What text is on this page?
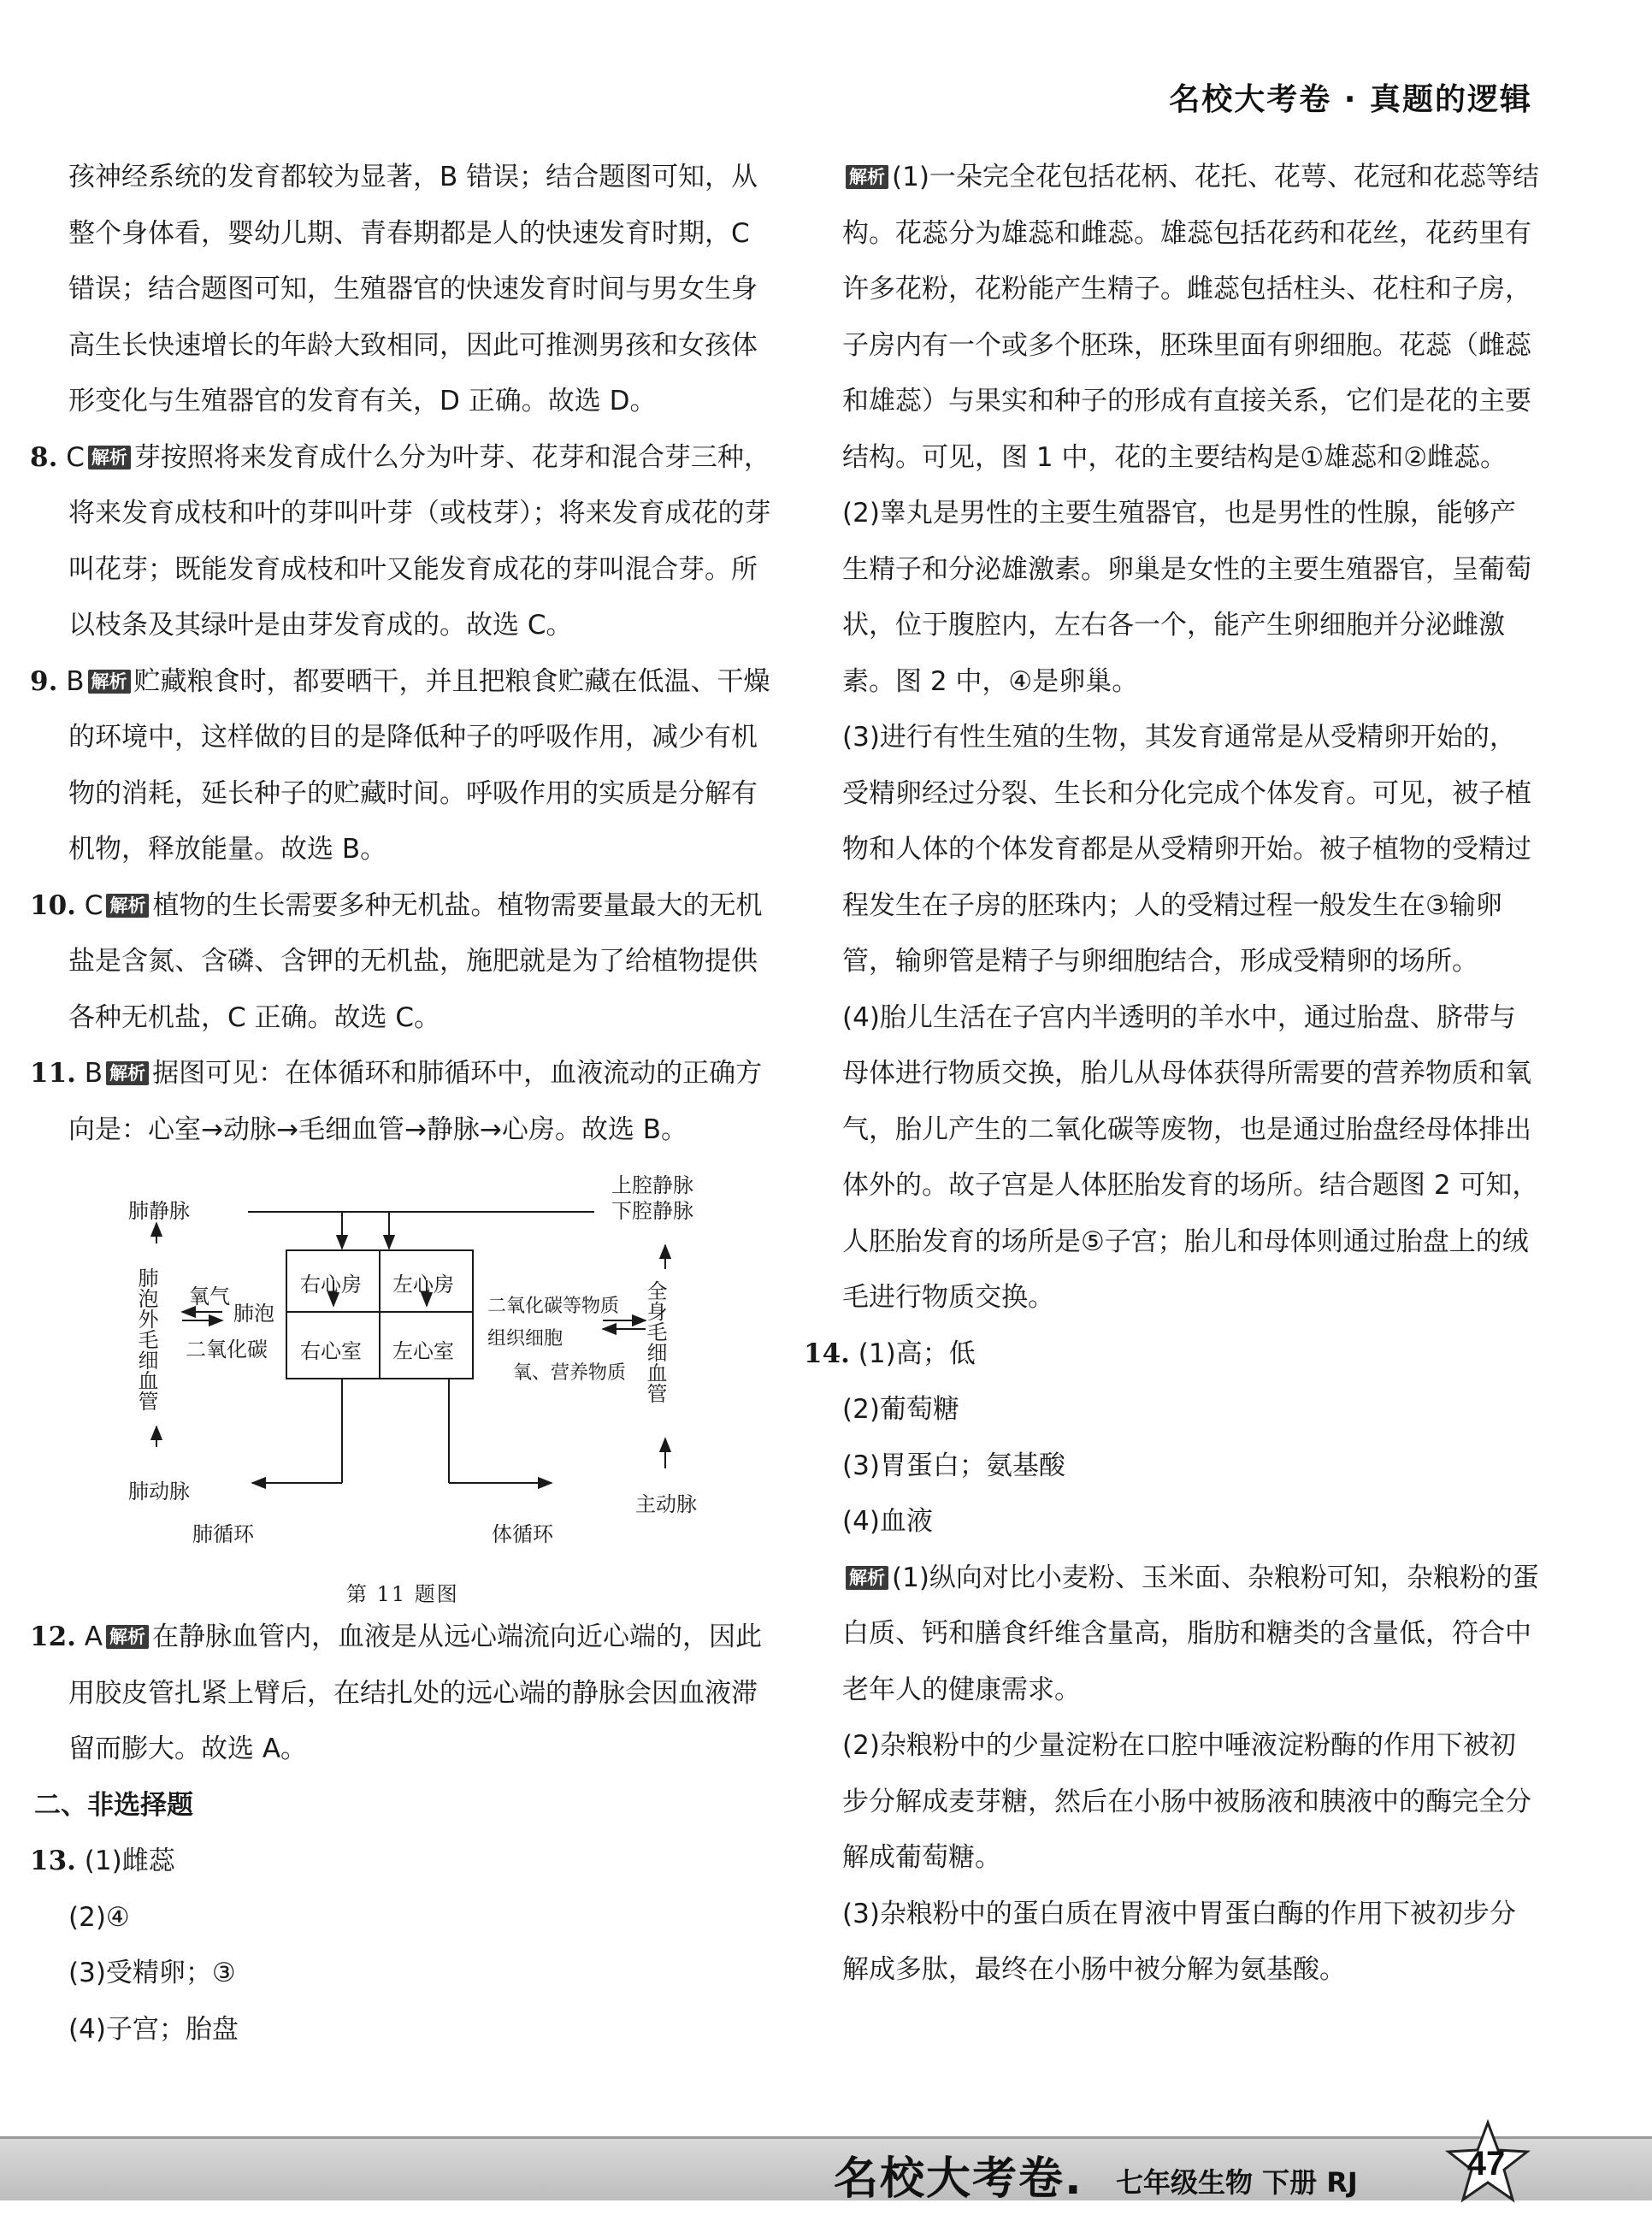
名校大考卷 · 真题的逻辑

孩神经系统的发育都较为显著，B 错误；结合题图可知，从整个身体看，婴幼儿期、青春期都是人的快速发育时期，C 错误；结合题图可知，生殖器官的快速发育时间与男女生身高生长快速增长的年龄大致相同，因此可推测男孩和女孩体形变化与生殖器官的发育有关，D 正确。故选 D。

8. C 解析 芽按照将来发育成什么分为叶芽、花芽和混合芽三种，将来发育成枝和叶的芽叫叶芽（或枝芽）；将来发育成花的芽叫花芽；既能发育成枝和叶又能发育成花的芽叫混合芽。所以枝条及其绿叶是由芽发育成的。故选 C。

9. B 解析 贮藏粮食时，都要晒干，并且把粮食贮藏在低温、干燥的环境中，这样做的目的是降低种子的呼吸作用，减少有机物的消耗，延长种子的贮藏时间。呼吸作用的实质是分解有机物，释放能量。故选 B。

10. C 解析 植物的生长需要多种无机盐。植物需要量最大的无机盐是含氮、含磷、含钾的无机盐，施肥就是为了给植物提供各种无机盐，C 正确。故选 C。

11. B 解析 据图可见：在体循环和肺循环中，血液流动的正确方向是：心室→动脉→毛细血管→静脉→心房。故选 B。

肺静脉
肺动脉
上腔静脉
下腔静脉
主动脉
右心房 左心房
右心室 左心室
氧气
肺泡
二氧化碳
二氧化碳等物质
组织细胞
氧、营养物质
肺循环	体循环
肺泡外毛细血管	全身毛细血管
第 11 题图

12. A 解析 在静脉血管内，血液是从远心端流向近心端的，因此用胶皮管扎紧上臂后，在结扎处的远心端的静脉会因血液滞留而膨大。故选 A。

二、非选择题

13. (1)雌蕊

(2)④

(3)受精卵；③

(4)子宫；胎盘

解析 (1)一朵完全花包括花柄、花托、花萼、花冠和花蕊等结构。花蕊分为雄蕊和雌蕊。雄蕊包括花药和花丝，花药里有许多花粉，花粉能产生精子。雌蕊包括柱头、花柱和子房，子房内有一个或多个胚珠，胚珠里面有卵细胞。花蕊（雌蕊和雄蕊）与果实和种子的形成有直接关系，它们是花的主要结构。可见，图 1 中，花的主要结构是①雄蕊和②雌蕊。

(2)睾丸是男性的主要生殖器官，也是男性的性腺，能够产生精子和分泌雄激素。卵巢是女性的主要生殖器官，呈葡萄状，位于腹腔内，左右各一个，能产生卵细胞并分泌雌激素。图 2 中，④是卵巢。

(3)进行有性生殖的生物，其发育通常是从受精卵开始的，受精卵经过分裂、生长和分化完成个体发育。可见，被子植物和人体的个体发育都是从受精卵开始。被子植物的受精过程发生在子房的胚珠内；人的受精过程一般发生在③输卵管，输卵管是精子与卵细胞结合，形成受精卵的场所。

(4)胎儿生活在子宫内半透明的羊水中，通过胎盘、脐带与母体进行物质交换，胎儿从母体获得所需要的营养物质和氧气，胎儿产生的二氧化碳等废物，也是通过胎盘经母体排出体外的。故子宫是人体胚胎发育的场所。结合题图 2 可知，人胚胎发育的场所是⑤子宫；胎儿和母体则通过胎盘上的绒毛进行物质交换。

14. (1)高；低

(2)葡萄糖

(3)胃蛋白；氨基酸

(4)血液

解析 (1)纵向对比小麦粉、玉米面、杂粮粉可知，杂粮粉的蛋白质、钙和膳食纤维含量高，脂肪和糖类的含量低，符合中老年人的健康需求。

(2)杂粮粉中的少量淀粉在口腔中唾液淀粉酶的作用下被初步分解成麦芽糖，然后在小肠中被肠液和胰液中的酶完全分解成葡萄糖。

(3)杂粮粉中的蛋白质在胃液中胃蛋白酶的作用下被初步分解成多肽，最终在小肠中被分解为氨基酸。

名校大考卷. 七年级生物 下册 RJ	47
